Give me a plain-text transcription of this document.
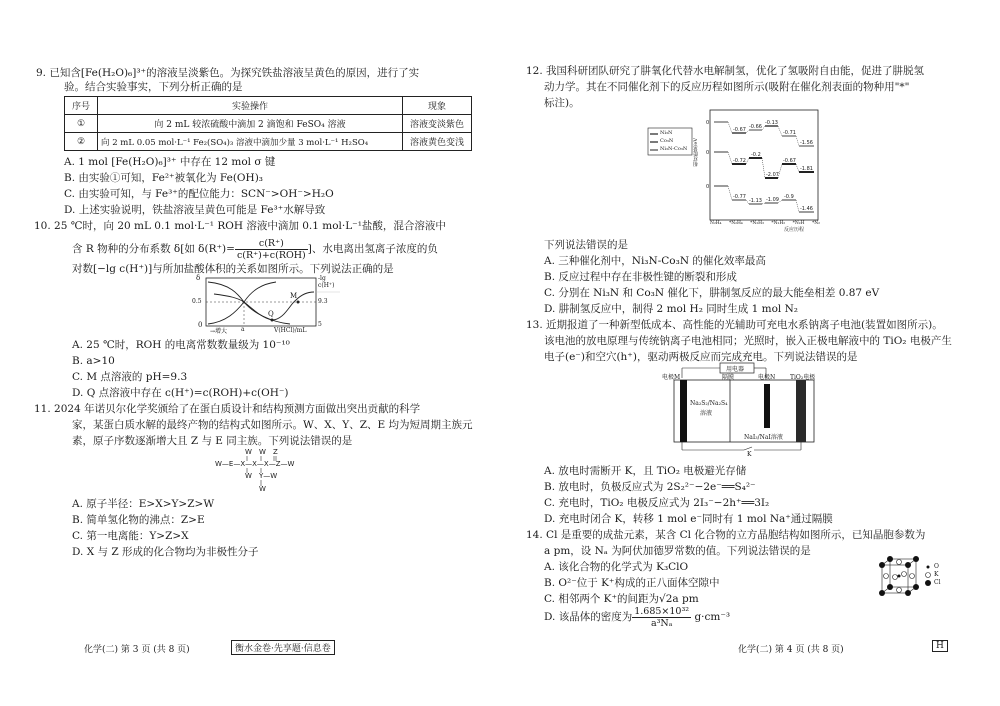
9. 已知含[Fe(H₂O)₆]³⁺的溶液呈淡紫色。为探究铁盐溶液呈黄色的原因，进行了实
验。结合实验事实，下列分析正确的是
序号	实验操作	现象
①	向 2 mL 较浓硫酸中滴加 2 滴饱和 FeSO₄ 溶液	溶液变淡紫色
②	向 2 mL 0.05 mol·L⁻¹ Fe₂(SO₄)₃ 溶液中滴加少量 3 mol·L⁻¹ H₂SO₄	溶液黄色变浅
A. 1 mol [Fe(H₂O)₆]³⁺ 中存在 12 mol σ 键
B. 由实验①可知，Fe²⁺被氧化为 Fe(OH)₃
C. 由实验可知，与 Fe³⁺的配位能力：SCN⁻>OH⁻>H₂O
D. 上述实验说明，铁盐溶液呈黄色可能是 Fe³⁺水解导致
10. 25 ℃时，向 20 mL 0.1 mol·L⁻¹ ROH 溶液中滴加 0.1 mol·L⁻¹盐酸，混合溶液中
含 R 物种的分布系数 δ[如 $\delta(R^+)= \frac{c(R^+)}{\text{c(R⁺)+c(ROH)}}$ ]、水电离出氢离子浓度的负
对数[−lg c(H⁺)]与所加盐酸体积的关系如图所示。下列说法正确的是
δ	-lg c(H⁺)
0.5
0
9.3
5
→增大 a	V(HCl)/mL
M
Q
A. 25 ℃时，ROH 的电离常数数量级为 10⁻¹⁰
B. a>10
C. M 点溶液的 pH=9.3
D. Q 点溶液中存在 c(H⁺)=c(ROH)+c(OH⁻)
11. 2024 年诺贝尔化学奖颁给了在蛋白质设计和结构预测方面做出突出贡献的科学
家，某蛋白质水解的最终产物的结构式如图所示。W、X、Y、Z、E 均为短周期主族元
素，原子序数逐渐增大且 Z 与 E 同主族。下列说法错误的是
W W Z
W—E—X—X—X—Z—W
W Y—W
W
A. 原子半径：E>X>Y>Z>W
B. 简单氢化物的沸点：Z>E
C. 第一电离能：Y>Z>X
D. X 与 Z 形成的化合物均为非极性分子
化学(二) 第 3 页 (共 8 页)	衡水金卷·先享题·信息卷
12. 我国科研团队研究了肼氧化代替水电解制氢，优化了氢吸附自由能，促进了肼脱氢
动力学。其在不同催化剂下的反应历程如图所示(吸附在催化剂表面的物种用"*"
标注)。
0
0
0
-0.67 -0.66
-0.13
-0.71
-1.56
-0.72
-0.2
-2.07
-0.67
-1.81
-0.77
-1.13 -1.09 -0.9
-1.46
Ni₃N
Co₃N
Ni₃N-Co₃N 相对能量/eV
N₂H₄ *N₂H₄ *N₂H₃ *N₂H₂ *N₂H *N₂
反应历程
下列说法错误的是
A. 三种催化剂中，Ni₃N-Co₃N 的催化效率最高
B. 反应过程中存在非极性键的断裂和形成
C. 分别在 Ni₃N 和 Co₃N 催化下，肼制氢反应的最大能垒相差 0.87 eV
D. 肼制氢反应中，制得 2 mol H₂ 同时生成 1 mol N₂
13. 近期报道了一种新型低成本、高性能的光辅助可充电水系钠离子电池(装置如图所示)。
该电池的放电原理与传统钠离子电池相同；光照时，嵌入正极电解液中的 TiO₂ 电极产生
电子(e⁻)和空穴(h⁺)，驱动两极反应而完成充电。下列说法错误的是
用电器
电极M	隔膜	电极N TiO₂电极
Na₂S₂/Na₂S₄
溶液
NaI₃/NaI溶液
K
A. 放电时需断开 K，且 TiO₂ 电极避光存储
B. 放电时，负极反应式为 2S₂²⁻−2e⁻══S₄²⁻
C. 充电时，TiO₂ 电极反应式为 2I₃⁻−2h⁺══3I₂
D. 充电时闭合 K，转移 1 mol e⁻同时有 1 mol Na⁺通过隔膜
14. Cl 是重要的成盐元素，某含 Cl 化合物的立方晶胞结构如图所示，已知晶胞参数为
a pm，设 Nₐ 为阿伏加德罗常数的值。下列说法错误的是
A. 该化合物的化学式为 K₃ClO
B. O²⁻位于 K⁺构成的正八面体空隙中
C. 相邻两个 K⁺的间距为√2a pm
D. 该晶体的密度为 $\frac{\text{1.685×10³²}}{\text{a³Nₐ}} g\cdot cm^{-3}$
O
K
Cl
化学(二) 第 4 页 (共 8 页)	H
